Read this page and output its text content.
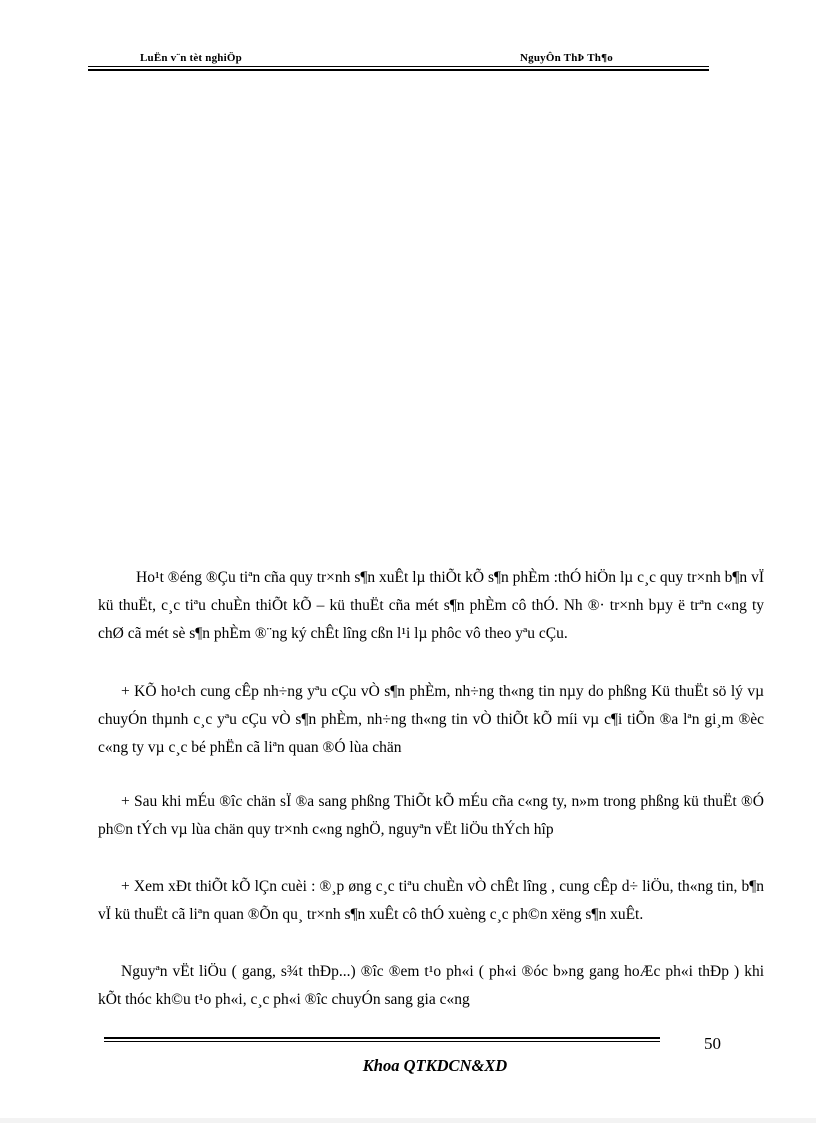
LuËn v¨n tèt nghiÖp	NguyÔn ThÞ Th¶o

Ho¹t ®éng ®Çu tiªn cña quy tr×nh s¶n xuÊt lµ thiÕt kÕ s¶n phÈm :thÓ hiÖn lµ c¸c quy tr×nh b¶n vÏ kü thuËt, c¸c tiªu chuÈn thiÕt kÕ – kü thuËt cña mét s¶n phÈm cô thÓ. Nh ®· tr×nh bµy ë trªn c«ng ty chØ cã mét sè s¶n phÈm ®¨ng ký chÊt lîng cßn l¹i lµ phôc vô theo yªu cÇu.

+ KÕ ho¹ch cung cÊp nh÷ng yªu cÇu vÒ s¶n phÈm, nh÷ng th«ng tin nµy do phßng Kü thuËt sö lý vµ chuyÓn thµnh c¸c yªu cÇu vÒ s¶n phÈm, nh÷ng th«ng tin vÒ thiÕt kÕ míi vµ c¶i tiÕn ®a lªn gi¸m ®èc c«ng ty vµ c¸c bé phËn cã liªn quan ®Ó lùa chän

+ Sau khi mÉu ®îc chän sÏ ®a sang phßng ThiÕt kÕ mÉu cña c«ng ty, n»m trong phßng kü thuËt ®Ó ph©n tÝch vµ lùa chän quy tr×nh c«ng nghÖ, nguyªn vËt liÖu thÝch hîp

+ Xem xÐt thiÕt kÕ lÇn cuèi : ®¸p øng c¸c tiªu chuÈn vÒ chÊt lîng , cung cÊp d÷ liÖu, th«ng tin, b¶n vÏ kü thuËt cã liªn quan ®Õn qu¸ tr×nh s¶n xuÊt cô thÓ xuèng c¸c ph©n xëng s¶n xuÊt.

Nguyªn vËt liÖu ( gang, s¾t thÐp...) ®îc ®em t¹o ph«i ( ph«i ®óc b»ng gang hoÆc ph«i thÐp ) khi kÕt thóc kh©u t¹o ph«i, c¸c ph«i ®îc chuyÓn sang gia c«ng

50
Khoa QTKDCN&XD
